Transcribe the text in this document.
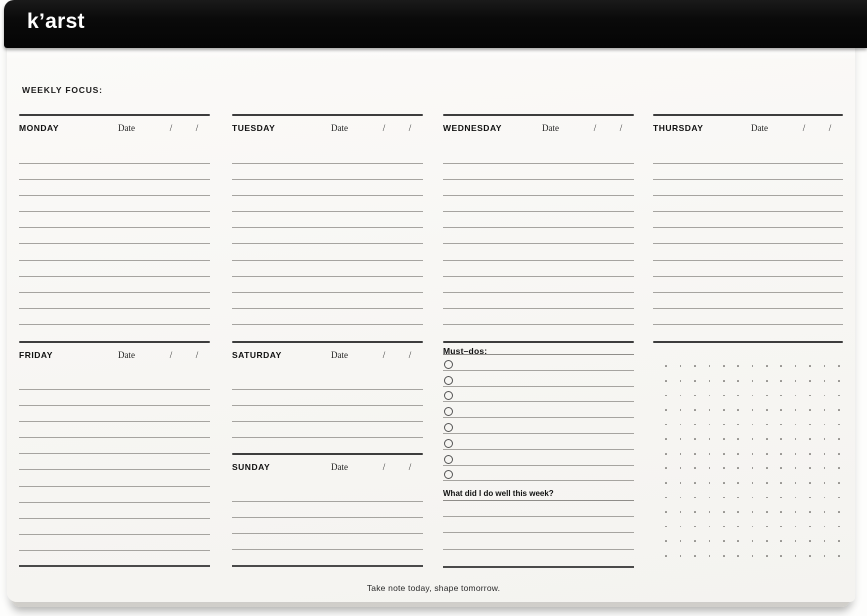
k’arst
WEEKLY FOCUS:
MONDAY	Date	/	/	TUESDAY	Date	/	/	WEDNESDAY	Date	/	/	THURSDAY	Date	/	/
FRIDAY	Date	/	/	SATURDAY	Date	/	/
SUNDAY	Date	/	/
Must–dos:
What did I do well this week?
Take note today, shape tomorrow.
